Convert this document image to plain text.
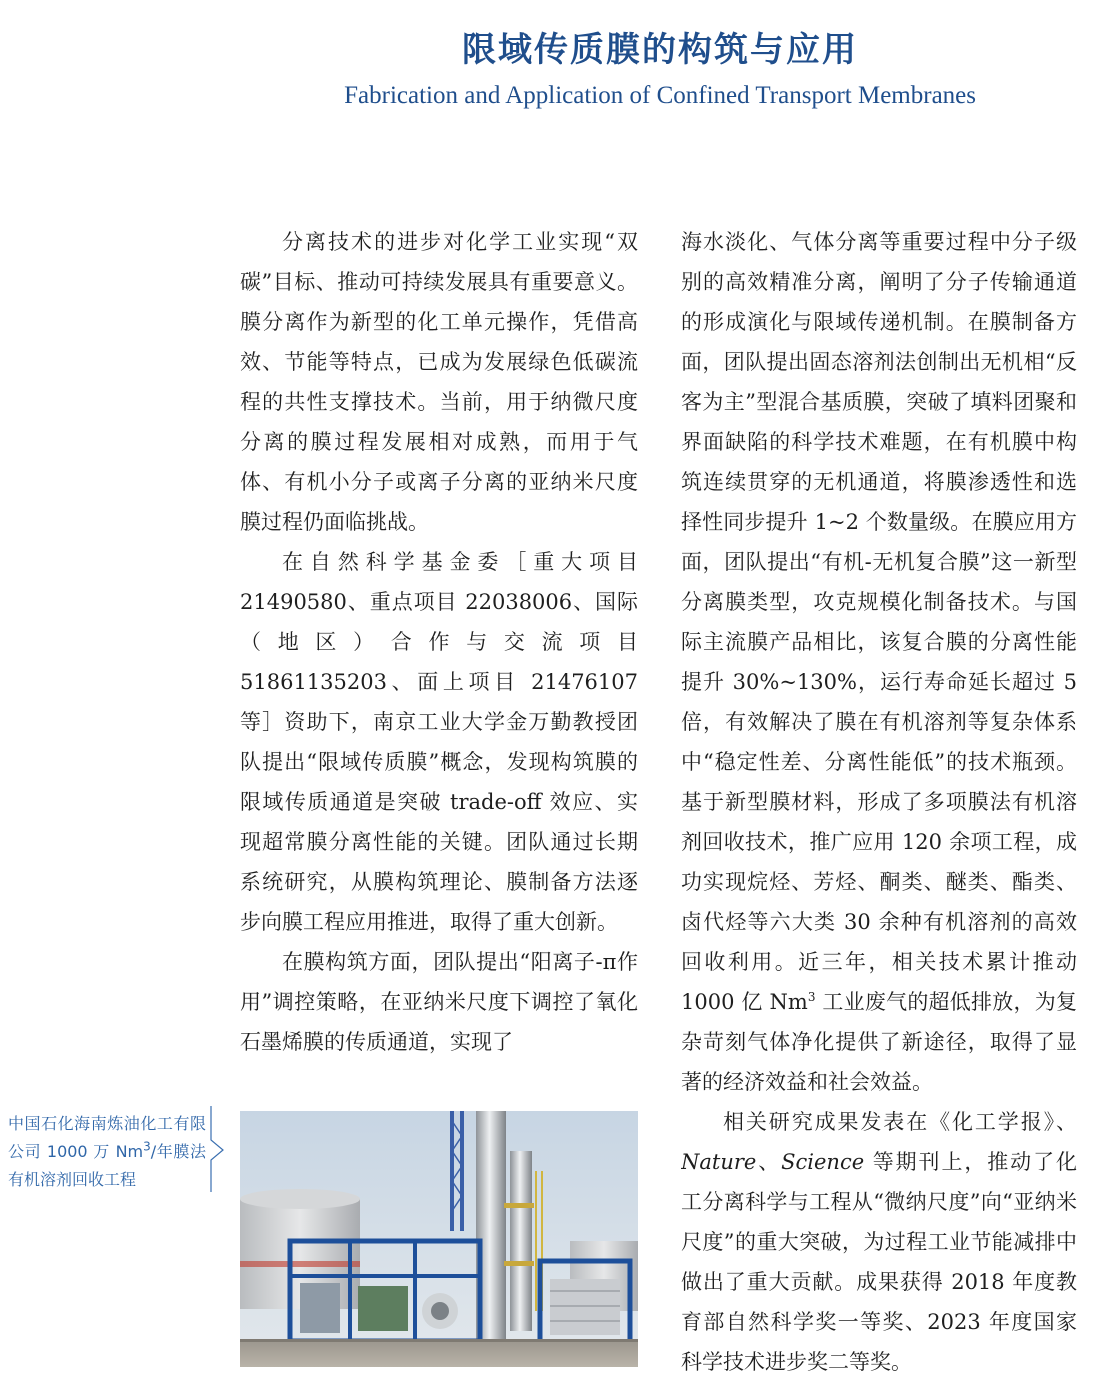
限域传质膜的构筑与应用
Fabrication and Application of Confined Transport Membranes

分离技术的进步对化学工业实现“双碳”目标、推动可持续发展具有重要意义。膜分离作为新型的化工单元操作，凭借高效、节能等特点，已成为发展绿色低碳流程的共性支撑技术。当前，用于纳微尺度分离的膜过程发展相对成熟，而用于气体、有机小分子或离子分离的亚纳米尺度膜过程仍面临挑战。

在自然科学基金委［重大项目 21490580、重点项目 22038006、国际（地区）合作与交流项目 51861135203、面上项目 21476107 等］资助下，南京工业大学金万勤教授团队提出“限域传质膜”概念，发现构筑膜的限域传质通道是突破 trade-off 效应、实现超常膜分离性能的关键。团队通过长期系统研究，从膜构筑理论、膜制备方法逐步向膜工程应用推进，取得了重大创新。

在膜构筑方面，团队提出“阳离子-π作用”调控策略，在亚纳米尺度下调控了氧化石墨烯膜的传质通道，实现了

海水淡化、气体分离等重要过程中分子级别的高效精准分离，阐明了分子传输通道的形成演化与限域传递机制。在膜制备方面，团队提出固态溶剂法创制出无机相“反客为主”型混合基质膜，突破了填料团聚和界面缺陷的科学技术难题，在有机膜中构筑连续贯穿的无机通道，将膜渗透性和选择性同步提升 1~2 个数量级。在膜应用方面，团队提出“有机-无机复合膜”这一新型分离膜类型，攻克规模化制备技术。与国际主流膜产品相比，该复合膜的分离性能提升 30%~130%，运行寿命延长超过 5 倍，有效解决了膜在有机溶剂等复杂体系中“稳定性差、分离性能低”的技术瓶颈。基于新型膜材料，形成了多项膜法有机溶剂回收技术，推广应用 120 余项工程，成功实现烷烃、芳烃、酮类、醚类、酯类、卤代烃等六大类 30 余种有机溶剂的高效回收利用。近三年，相关技术累计推动 1000 亿 Nm$^3$ 工业废气的超低排放，为复杂苛刻气体净化提供了新途径，取得了显著的经济效益和社会效益。

相关研究成果发表在《化工学报》、Nature、Science 等期刊上，推动了化工分离科学与工程从“微纳尺度”向“亚纳米尺度”的重大突破，为过程工业节能减排中做出了重大贡献。成果获得 2018 年度教育部自然科学奖一等奖、2023 年度国家科学技术进步奖二等奖。

中国石化海南炼油化工有限公司 1000 万 Nm$^3$/年膜法有机溶剂回收工程
